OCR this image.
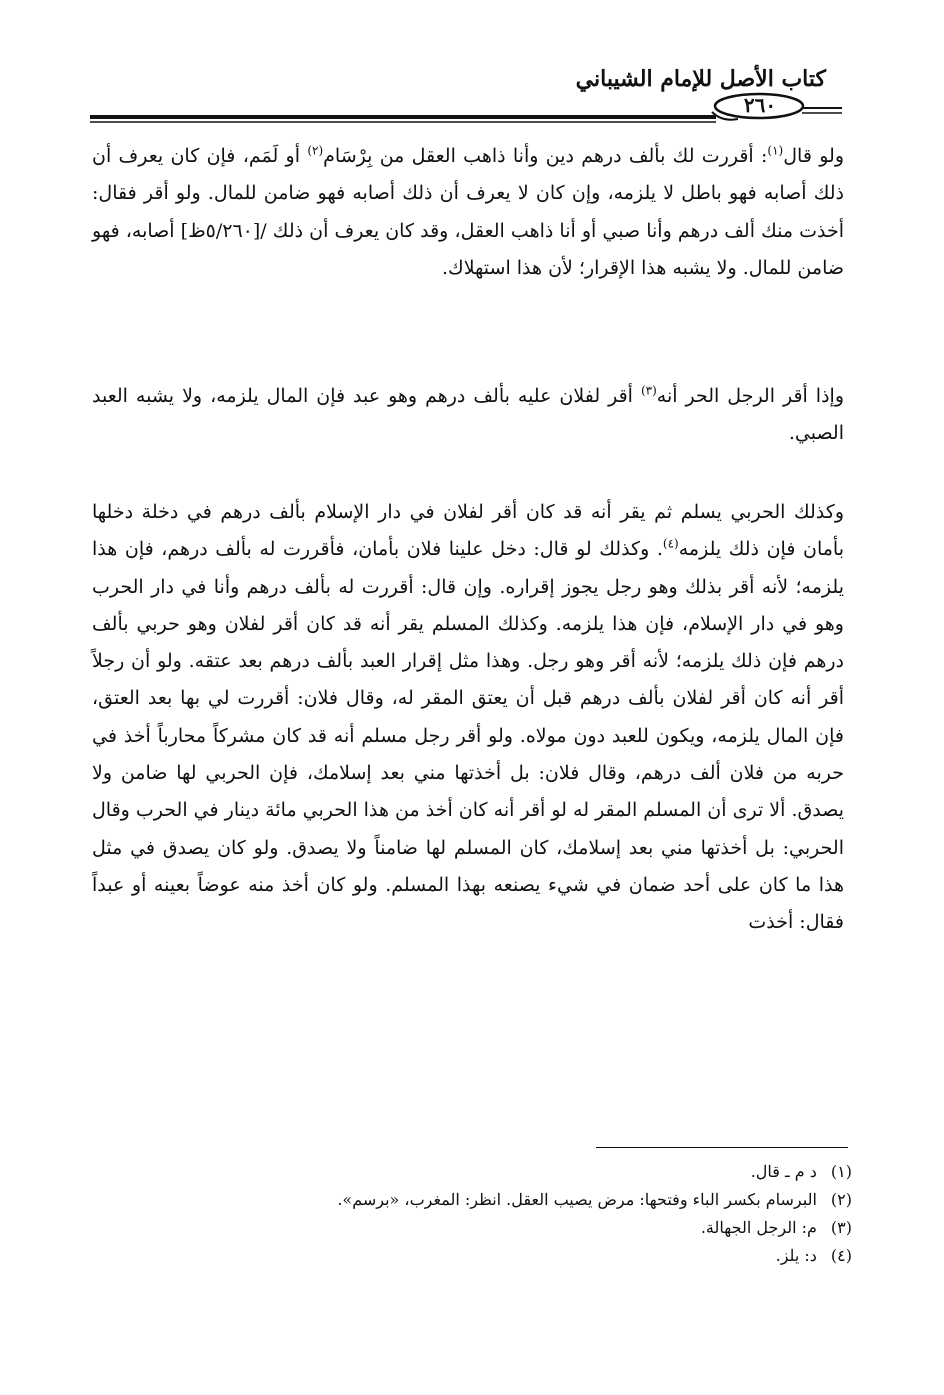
كتاب الأصل للإمام الشيباني
٢٦٠

ولو قال$^{(١)}$: أقررت لك بألف درهم دين وأنا ذاهب العقل من بِرْسَام$^{(٢)}$ أو لَمَم، فإن كان يعرف أن ذلك أصابه فهو باطل لا يلزمه، وإن كان لا يعرف أن ذلك أصابه فهو ضامن للمال. ولو أقر فقال: أخذت منك ألف درهم وأنا صبي أو أنا ذاهب العقل، وقد كان يعرف أن ذلك /[٥/٢٦٠ظ] أصابه، فهو ضامن للمال. ولا يشبه هذا الإقرار؛ لأن هذا استهلاك.

وإذا أقر الرجل الحر أنه$^{(٣)}$ أقر لفلان عليه بألف درهم وهو عبد فإن المال يلزمه، ولا يشبه العبد الصبي.

وكذلك الحربي يسلم ثم يقر أنه قد كان أقر لفلان في دار الإسلام بألف درهم في دخلة دخلها بأمان فإن ذلك يلزمه$^{(٤)}$. وكذلك لو قال: دخل علينا فلان بأمان، فأقررت له بألف درهم، فإن هذا يلزمه؛ لأنه أقر بذلك وهو رجل يجوز إقراره. وإن قال: أقررت له بألف درهم وأنا في دار الحرب وهو في دار الإسلام، فإن هذا يلزمه. وكذلك المسلم يقر أنه قد كان أقر لفلان وهو حربي بألف درهم فإن ذلك يلزمه؛ لأنه أقر وهو رجل. وهذا مثل إقرار العبد بألف درهم بعد عتقه. ولو أن رجلاً أقر أنه كان أقر لفلان بألف درهم قبل أن يعتق المقر له، وقال فلان: أقررت لي بها بعد العتق، فإن المال يلزمه، ويكون للعبد دون مولاه. ولو أقر رجل مسلم أنه قد كان مشركاً محارباً أخذ في حربه من فلان ألف درهم، وقال فلان: بل أخذتها مني بعد إسلامك، فإن الحربي لها ضامن ولا يصدق. ألا ترى أن المسلم المقر له لو أقر أنه كان أخذ من هذا الحربي مائة دينار في الحرب وقال الحربي: بل أخذتها مني بعد إسلامك، كان المسلم لها ضامناً ولا يصدق. ولو كان يصدق في مثل هذا ما كان على أحد ضمان في شيء يصنعه بهذا المسلم. ولو كان أخذ منه عوضاً بعينه أو عبداً فقال: أخذت

(١)د م ـ قال.
(٢)البرسام بكسر الباء وفتحها: مرض يصيب العقل. انظر: المغرب، «برسم».
(٣)م: الرجل الجهالة.
(٤)د: يلز.
